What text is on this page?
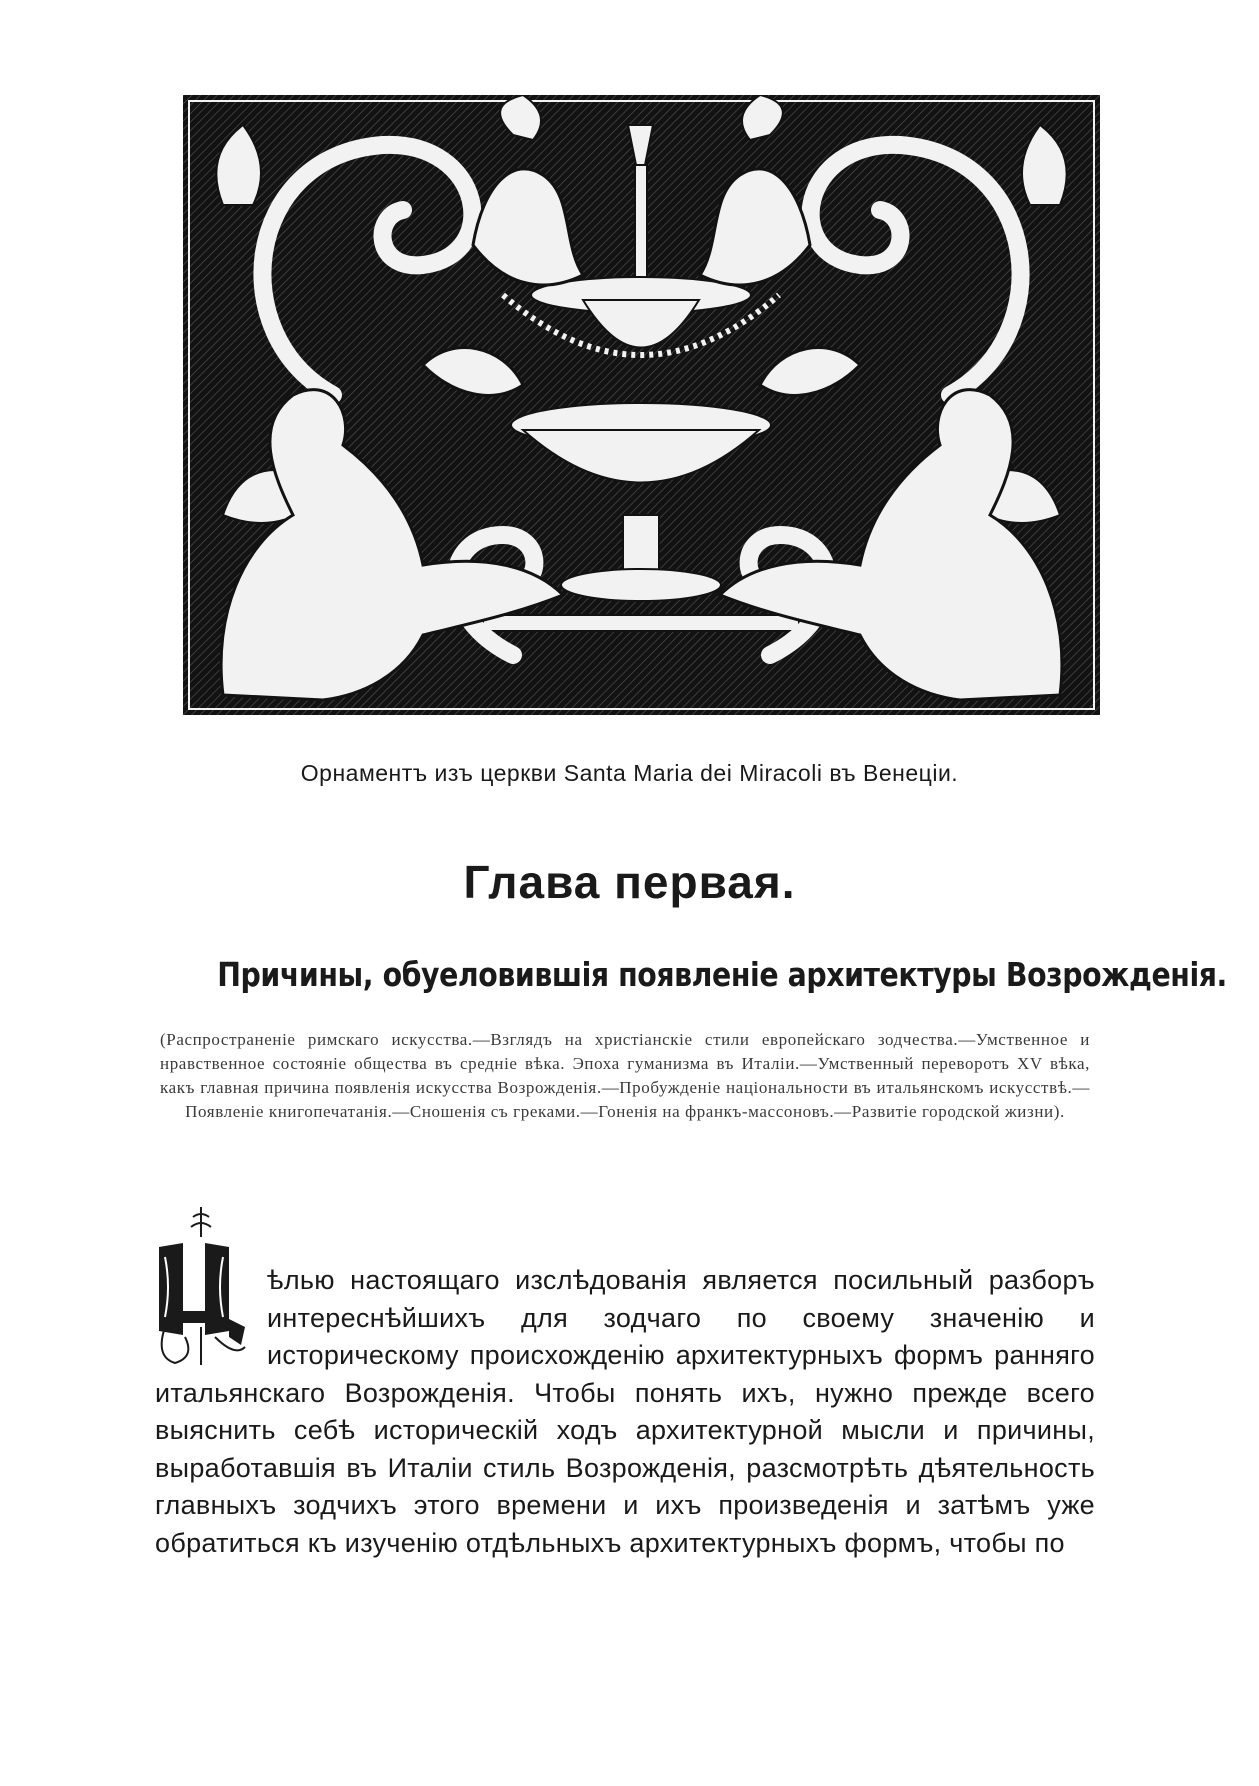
Орнаментъ изъ церкви Santa Maria dei Miracoli въ Венеціи.
Глава первая.
Причины, обуеловившія появленіе архитектуры Возрожденія.
(Распространеніе римскаго искусства.—Взглядъ на христіанскіе стили европейскаго зодчества.—Умственное и нравственное состояніе общества въ средніе вѣка. Эпоха гуманизма въ Италіи.—Умственный переворотъ XV вѣка, какъ главная причина появленія искусства Возрожденія.—Пробужденіе національности въ итальянскомъ искусствѣ.—Появленіе книгопечатанія.—Сношенія съ греками.—Гоненія на франкъ-массоновъ.—Развитіе городской жизни).
Ц
ѣлью настоящаго изслѣдованія является посильный разборъ интереснѣйшихъ для зодчаго по своему значенію и историческому происхожденію архитектурныхъ формъ ранняго итальянскаго Возрожденія. Чтобы понять ихъ, нужно прежде всего выяснить себѣ историческій ходъ архитектурной мысли и причины, выработавшія въ Италіи стиль Возрожденія, разсмотрѣть дѣятельность главныхъ зодчихъ этого времени и ихъ произведенія и затѣмъ уже обратиться къ изученію отдѣльныхъ архитектурныхъ формъ, чтобы по
